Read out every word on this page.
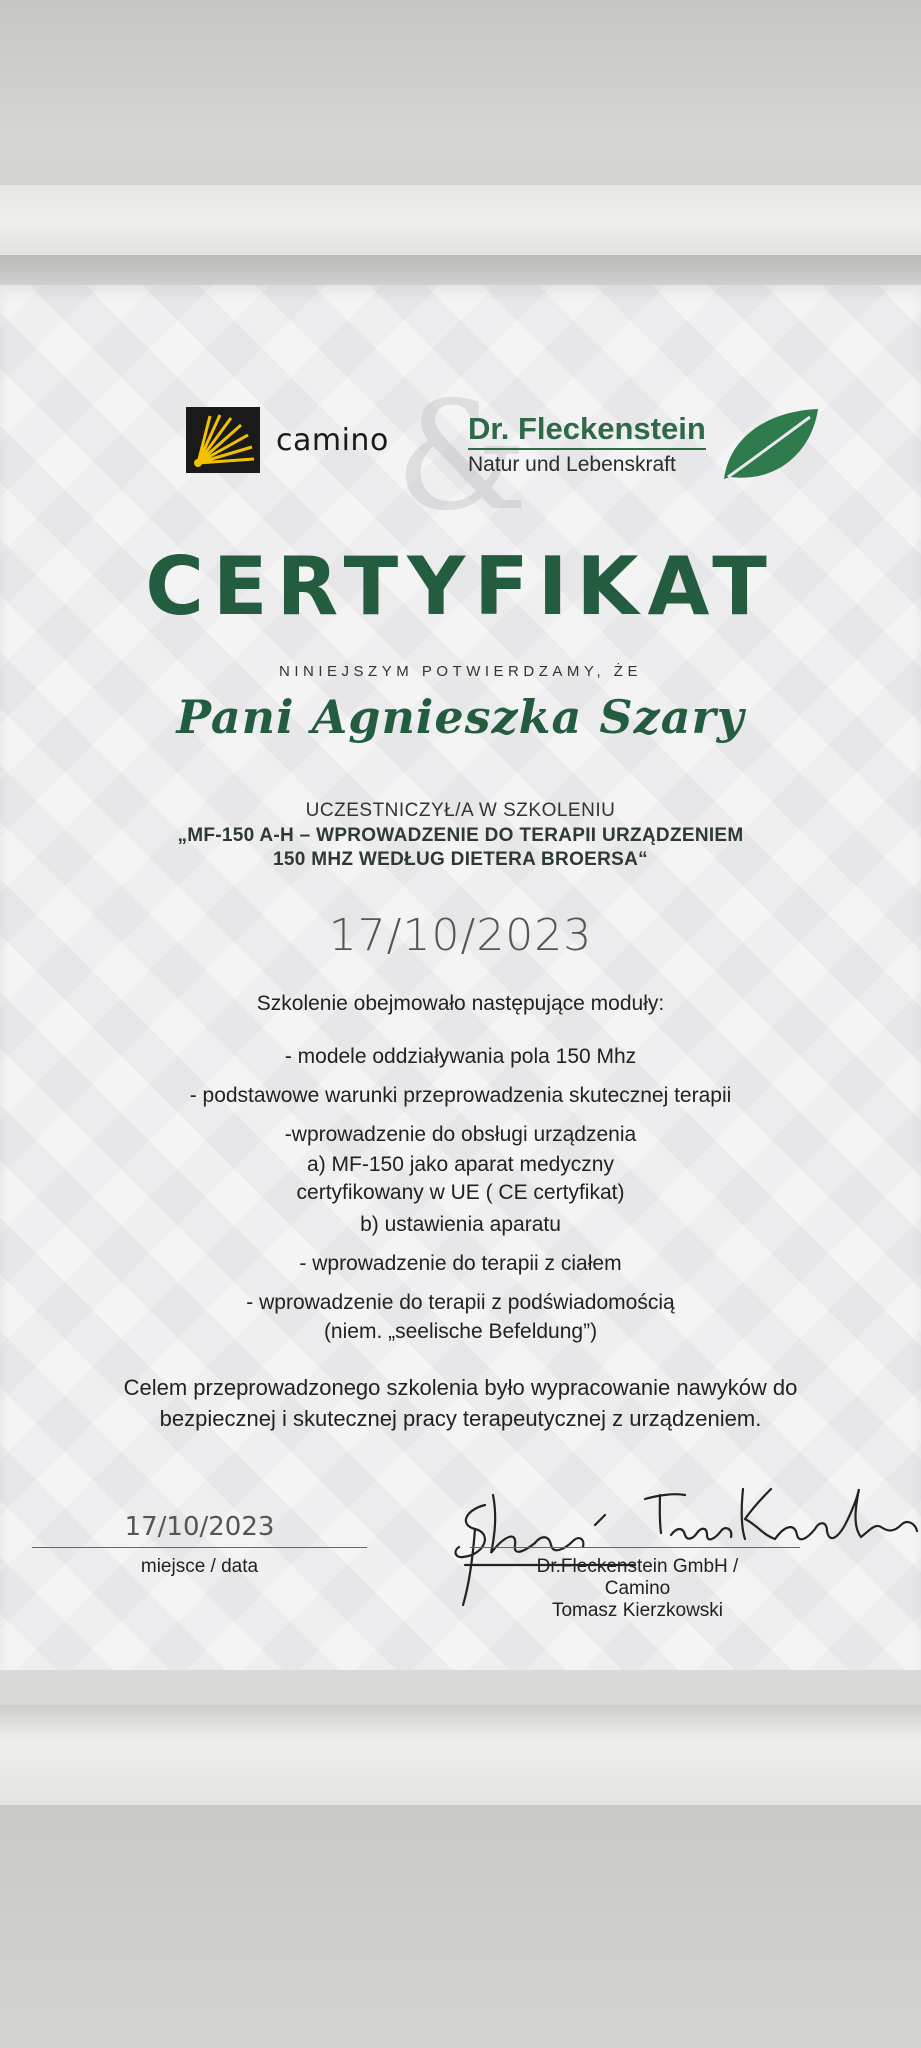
camino &
Dr. Fleckenstein
Natur und Lebenskraft
CERTYFIKAT
NINIEJSZYM POTWIERDZAMY, ŻE
Pani Agnieszka Szary
UCZESTNICZYŁ/A W SZKOLENIU
„MF-150 A-H – WPROWADZENIE DO TERAPII URZĄDZENIEM
150 MHZ WEDŁUG DIETERA BROERSA“
17/10/2023
Szkolenie obejmowało następujące moduły:
- modele oddziaływania pola 150 Mhz
- podstawowe warunki przeprowadzenia skutecznej terapii
-wprowadzenie do obsługi urządzenia
a) MF-150 jako aparat medyczny
certyfikowany w UE ( CE certyfikat)
b) ustawienia aparatu
- wprowadzenie do terapii z ciałem
- wprowadzenie do terapii z podświadomością
(niem. „seelische Befeldung”)
Celem przeprowadzonego szkolenia było wypracowanie nawyków do
bezpiecznej i skutecznej pracy terapeutycznej z urządzeniem.
17/10/2023
miejsce / data	Dr.Fleckenstein GmbH /
Camino
Tomasz Kierzkowski
